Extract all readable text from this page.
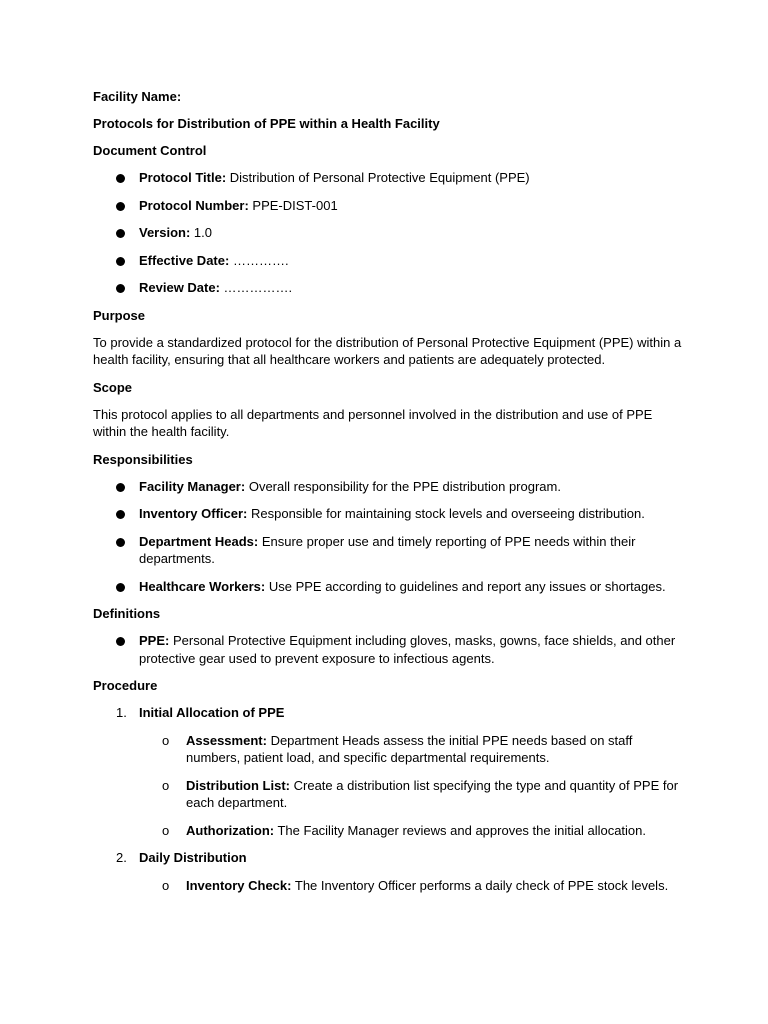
Facility Name:
Protocols for Distribution of PPE within a Health Facility
Document Control
Protocol Title: Distribution of Personal Protective Equipment (PPE)
Protocol Number: PPE-DIST-001
Version: 1.0
Effective Date: ………….
Review Date: …………….
Purpose

To provide a standardized protocol for the distribution of Personal Protective Equipment (PPE) within a health facility, ensuring that all healthcare workers and patients are adequately protected.

Scope

This protocol applies to all departments and personnel involved in the distribution and use of PPE within the health facility.

Responsibilities
Facility Manager: Overall responsibility for the PPE distribution program.
Inventory Officer: Responsible for maintaining stock levels and overseeing distribution.
Department Heads: Ensure proper use and timely reporting of PPE needs within their departments.
Healthcare Workers: Use PPE according to guidelines and report any issues or shortages.
Definitions
PPE: Personal Protective Equipment including gloves, masks, gowns, face shields, and other protective gear used to prevent exposure to infectious agents.
Procedure
1. Initial Allocation of PPE
o Assessment: Department Heads assess the initial PPE needs based on staff numbers, patient load, and specific departmental requirements.
o Distribution List: Create a distribution list specifying the type and quantity of PPE for each department.
o Authorization: The Facility Manager reviews and approves the initial allocation.
2. Daily Distribution
o Inventory Check: The Inventory Officer performs a daily check of PPE stock levels.
